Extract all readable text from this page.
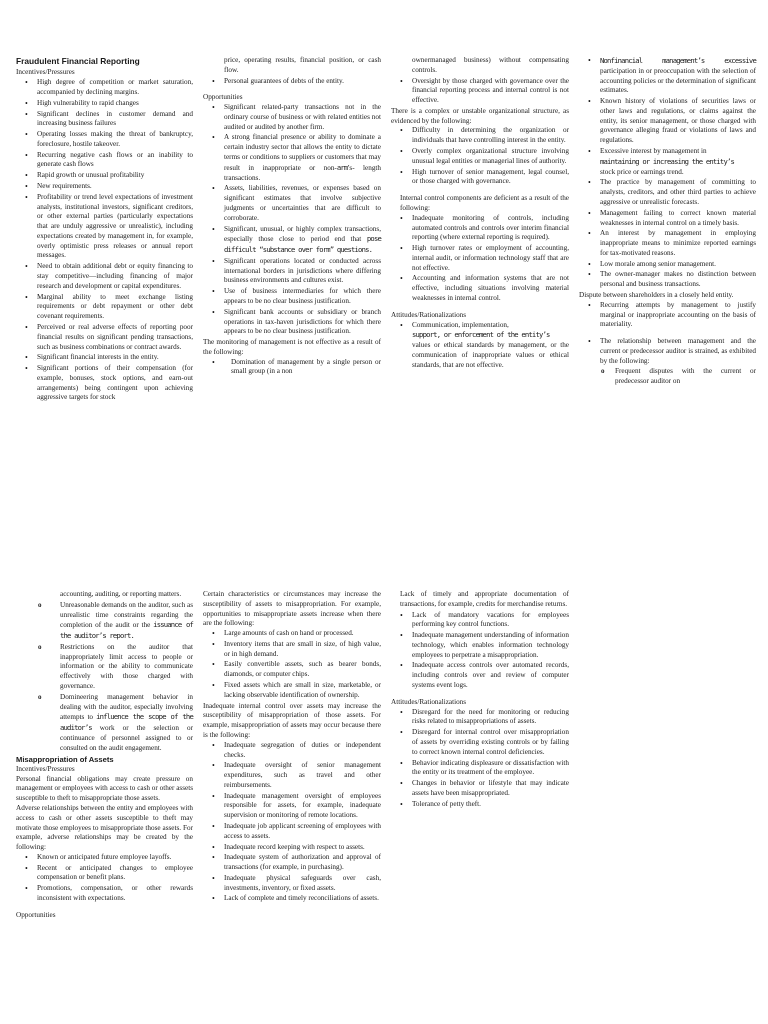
Fraudulent Financial Reporting
Incentives/Pressures
• High degree of competition or market saturation, accompanied by declining margins.
• High vulnerability to rapid changes
• Significant declines in customer demand and increasing business failures
• Operating losses making the threat of bankruptcy, foreclosure, hostile takeover.
• Recurring negative cash flows or an inability to generate cash flows
• Rapid growth or unusual profitability
• New requirements.
• Profitability or trend level expectations of investment analysts, institutional investors, significant creditors, or other external parties (particularly expectations that are unduly aggressive or unrealistic), including expectations created by management in, for example, overly optimistic press releases or annual report messages.
• Need to obtain additional debt or equity financing to stay competitive—including financing of major research and development or capital expenditures.
• Marginal ability to meet exchange listing requirements or debt repayment or other debt covenant requirements.
• Perceived or real adverse effects of reporting poor financial results on significant pending transactions, such as business combinations or contract awards.
• Significant financial interests in the entity.
• Significant portions of their compensation (for example, bonuses, stock options, and earn-out arrangements) being contingent upon achieving aggressive targets for stock
price, operating results, financial position, or cash flow.
• Personal guarantees of debts of the entity.
Opportunities
• Significant related-party transactions not in the ordinary course of business or with related entities not audited or audited by another firm.
• A strong financial presence or ability to dominate a certain industry sector that allows the entity to dictate terms or conditions to suppliers or customers that may result in inappropriate or non-arm’s- length transactions.
• Assets, liabilities, revenues, or expenses based on significant estimates that involve subjective judgments or uncertainties that are difficult to corroborate.
• Significant, unusual, or highly complex transactions, especially those close to period end that pose difficult “substance over form” questions.
• Significant operations located or conducted across international borders in jurisdictions where differing business environments and cultures exist.
• Use of business intermediaries for which there appears to be no clear business justification.
• Significant bank accounts or subsidiary or branch operations in tax-haven jurisdictions for which there appears to be no clear business justification.
The monitoring of management is not effective as a result of the following:
• Domination of management by a single person or small group (in a non
ownermanaged business) without compensating controls.
• Oversight by those charged with governance over the financial reporting process and internal control is not effective.
There is a complex or unstable organizational structure, as evidenced by the following:
• Difficulty in determining the organization or individuals that have controlling interest in the entity.
• Overly complex organizational structure involving unusual legal entities or managerial lines of authority.
• High turnover of senior management, legal counsel, or those charged with governance.
Internal control components are deficient as a result of the following:
• Inadequate monitoring of controls, including automated controls and controls over interim financial reporting (where external reporting is required).
• High turnover rates or employment of accounting, internal audit, or information technology staff that are not effective.
• Accounting and information systems that are not effective, including situations involving material weaknesses in internal control.
Attitudes/Rationalizations
• Communication, implementation,
support, or enforcement of the entity’s
values or ethical standards by management, or the communication of inappropriate values or ethical standards, that are not effective.
• Nonfinancial management’s excessive participation in or preoccupation with the selection of accounting policies or the determination of significant estimates.
• Known history of violations of securities laws or other laws and regulations, or claims against the entity, its senior management, or those charged with governance alleging fraud or violations of laws and regulations.
• Excessive interest by management in
maintaining or increasing the entity’s
stock price or earnings trend.
• The practice by management of committing to analysts, creditors, and other third parties to achieve aggressive or unrealistic forecasts.
• Management failing to correct known material weaknesses in internal control on a timely basis.
• An interest by management in employing inappropriate means to minimize reported earnings for tax-motivated reasons.
• Low morale among senior management.
• The owner-manager makes no distinction between personal and business transactions.
Dispute between shareholders in a closely held entity.
• Recurring attempts by management to justify marginal or inappropriate accounting on the basis of materiality.
• The relationship between management and the current or predecessor auditor is strained, as exhibited by the following:
o Frequent disputes with the current or predecessor auditor on
accounting, auditing, or reporting matters.
o Unreasonable demands on the auditor, such as unrealistic time constraints regarding the completion of the audit or the issuance of the auditor’s report.
o Restrictions on the auditor that inappropriately limit access to people or information or the ability to communicate effectively with those charged with governance.
o Domineering management behavior in dealing with the auditor, especially involving attempts to influence the scope of the auditor’s work or the selection or continuance of personnel assigned to or consulted on the audit engagement.
Misappropriation of Assets
Incentives/Pressures
Personal financial obligations may create pressure on management or employees with access to cash or other assets susceptible to theft to misappropriate those assets.
Adverse relationships between the entity and employees with access to cash or other assets susceptible to theft may motivate those employees to misappropriate those assets. For example, adverse relationships may be created by the following:
• Known or anticipated future employee layoffs.
• Recent or anticipated changes to employee compensation or benefit plans.
• Promotions, compensation, or other rewards inconsistent with expectations.
Opportunities
Certain characteristics or circumstances may increase the susceptibility of assets to misappropriation. For example, opportunities to misappropriate assets increase when there are the following:
• Large amounts of cash on hand or processed.
• Inventory items that are small in size, of high value, or in high demand.
• Easily convertible assets, such as bearer bonds, diamonds, or computer chips.
• Fixed assets which are small in size, marketable, or lacking observable identification of ownership.
Inadequate internal control over assets may increase the susceptibility of misappropriation of those assets. For example, misappropriation of assets may occur because there is the following:
• Inadequate segregation of duties or independent checks.
• Inadequate oversight of senior management expenditures, such as travel and other reimbursements.
• Inadequate management oversight of employees responsible for assets, for example, inadequate supervision or monitoring of remote locations.
• Inadequate job applicant screening of employees with access to assets.
• Inadequate record keeping with respect to assets.
• Inadequate system of authorization and approval of transactions (for example, in purchasing).
• Inadequate physical safeguards over cash, investments, inventory, or fixed assets.
• Lack of complete and timely reconciliations of assets.
Lack of timely and appropriate documentation of transactions, for example, credits for merchandise returns.
• Lack of mandatory vacations for employees performing key control functions.
• Inadequate management understanding of information technology, which enables information technology employees to perpetrate a misappropriation.
• Inadequate access controls over automated records, including controls over and review of computer systems event logs.
Attitudes/Rationalizations
• Disregard for the need for monitoring or reducing risks related to misappropriations of assets.
• Disregard for internal control over misappropriation of assets by overriding existing controls or by failing to correct known internal control deficiencies.
• Behavior indicating displeasure or dissatisfaction with the entity or its treatment of the employee.
• Changes in behavior or lifestyle that may indicate assets have been misappropriated.
• Tolerance of petty theft.
